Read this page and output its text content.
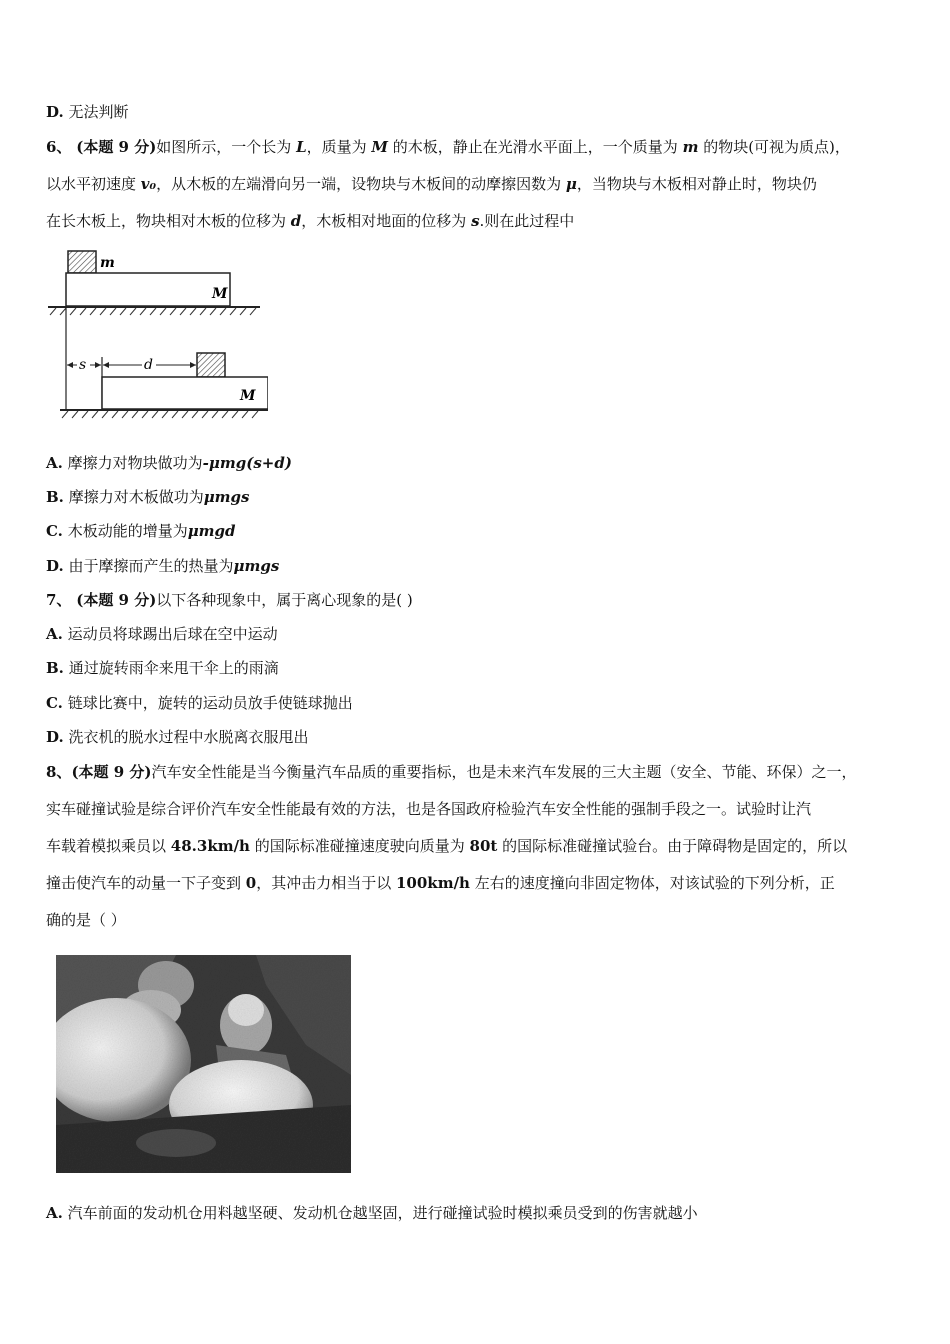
D. 无法判断
6、 (本题 9 分)如图所示，一个长为 L，质量为 M 的木板，静止在光滑水平面上，一个质量为 m 的物块(可视为质点)，
以水平初速度 v₀，从木板的左端滑向另一端，设物块与木板间的动摩擦因数为 μ，当物块与木板相对静止时，物块仍
在长木板上，物块相对木板的位移为 d，木板相对地面的位移为 s.则在此过程中
m
M
s	d
M
A. 摩擦力对物块做功为-μmg(s+d)
B. 摩擦力对木板做功为μmgs
C. 木板动能的增量为μmgd
D. 由于摩擦而产生的热量为μmgs
7、 (本题 9 分)以下各种现象中，属于离心现象的是( )
A. 运动员将球踢出后球在空中运动
B. 通过旋转雨伞来甩干伞上的雨滴
C. 链球比赛中，旋转的运动员放手使链球抛出
D. 洗衣机的脱水过程中水脱离衣服甩出
8、(本题 9 分)汽车安全性能是当今衡量汽车品质的重要指标，也是未来汽车发展的三大主题（安全、节能、环保）之一，
实车碰撞试验是综合评价汽车安全性能最有效的方法，也是各国政府检验汽车安全性能的强制手段之一。试验时让汽
车载着模拟乘员以 48.3km/h 的国际标准碰撞速度驶向质量为 80t 的国际标准碰撞试验台。由于障碍物是固定的，所以
撞击使汽车的动量一下子变到 0，其冲击力相当于以 100km/h 左右的速度撞向非固定物体，对该试验的下列分析，正
确的是（ ）
A. 汽车前面的发动机仓用料越坚硬、发动机仓越坚固，进行碰撞试验时模拟乘员受到的伤害就越小
